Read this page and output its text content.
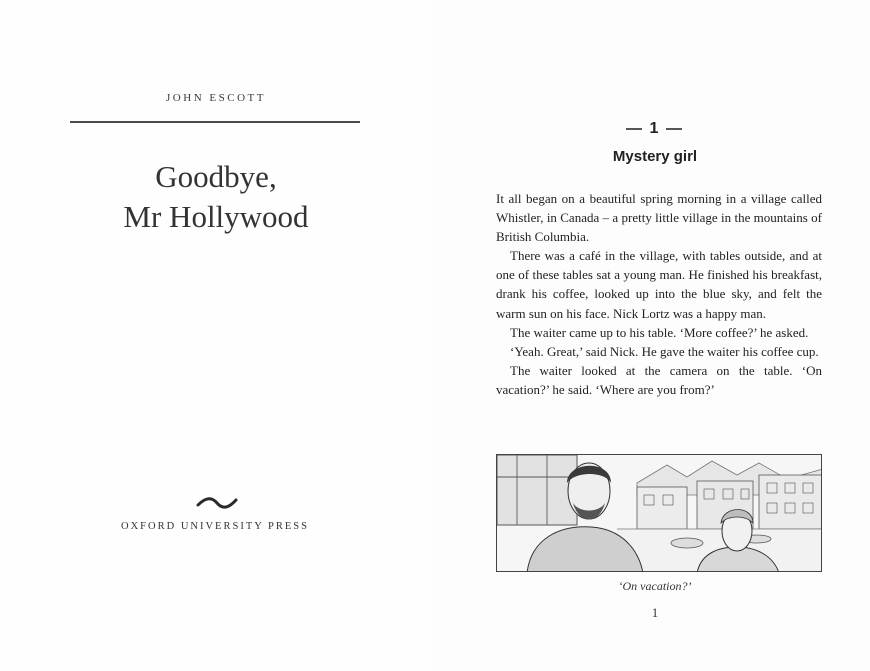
JOHN ESCOTT
Goodbye,
Mr Hollywood
OXFORD UNIVERSITY PRESS
1
Mystery girl

It all began on a beautiful spring morning in a village called Whistler, in Canada – a pretty little village in the mountains of British Columbia.

There was a café in the village, with tables outside, and at one of these tables sat a young man. He finished his breakfast, drank his coffee, looked up into the blue sky, and felt the warm sun on his face. Nick Lortz was a happy man.

The waiter came up to his table. ‘More coffee?’ he asked.

‘Yeah. Great,’ said Nick. He gave the waiter his coffee cup.

The waiter looked at the camera on the table. ‘On vacation?’ he said. ‘Where are you from?’

‘On vacation?’
1
